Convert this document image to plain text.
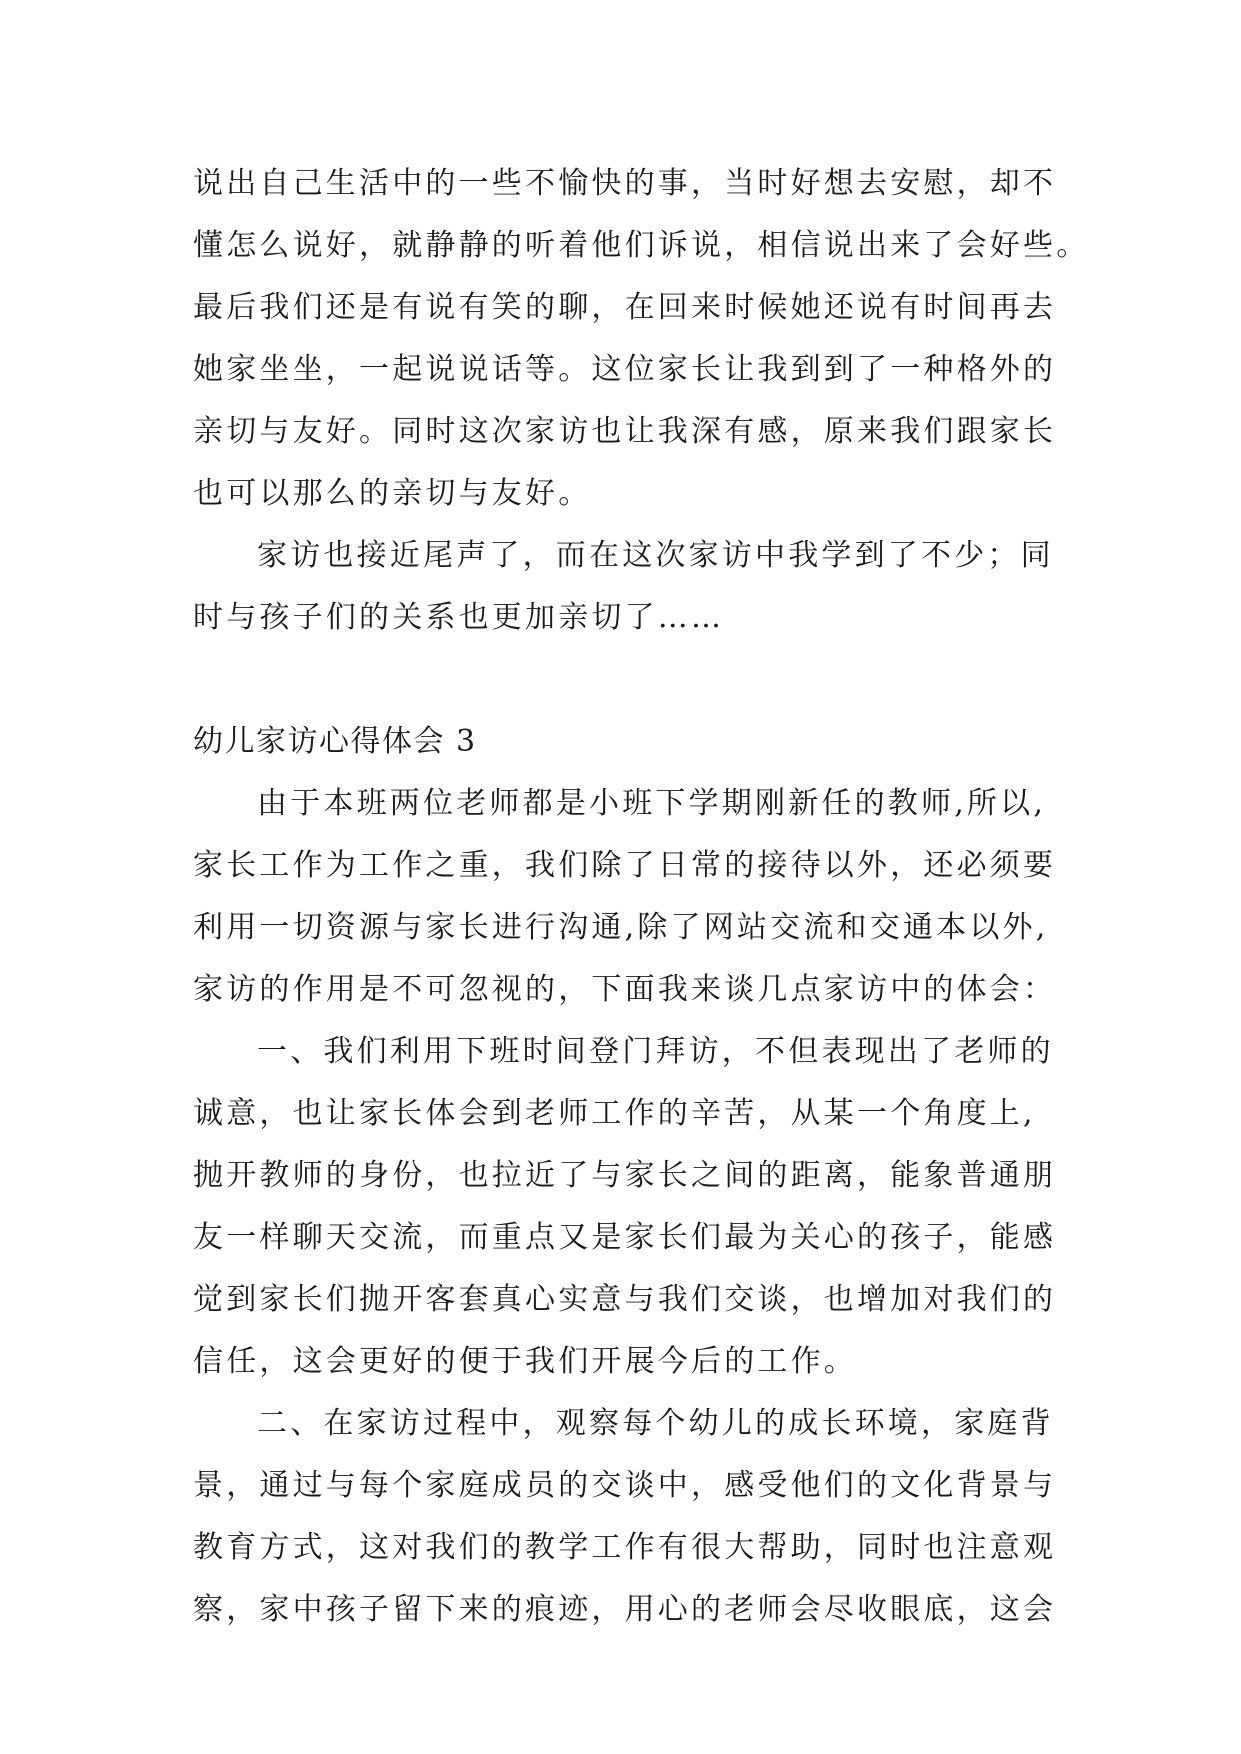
说出自己生活中的一些不愉快的事，当时好想去安慰，却不
懂怎么说好，就静静的听着他们诉说，相信说出来了会好些。
最后我们还是有说有笑的聊，在回来时候她还说有时间再去
她家坐坐，一起说说话等。这位家长让我到到了一种格外的
亲切与友好。同时这次家访也让我深有感，原来我们跟家长
也可以那么的亲切与友好。
家访也接近尾声了，而在这次家访中我学到了不少；同
时与孩子们的关系也更加亲切了……
幼儿家访心得体会 3
由于本班两位老师都是小班下学期刚新任的教师,所以,
家长工作为工作之重，我们除了日常的接待以外，还必须要
利用一切资源与家长进行沟通,除了网站交流和交通本以外,
家访的作用是不可忽视的，下面我来谈几点家访中的体会：
一、我们利用下班时间登门拜访，不但表现出了老师的
诚意，也让家长体会到老师工作的辛苦，从某一个角度上,
抛开教师的身份，也拉近了与家长之间的距离，能象普通朋
友一样聊天交流，而重点又是家长们最为关心的孩子，能感
觉到家长们抛开客套真心实意与我们交谈，也增加对我们的
信任，这会更好的便于我们开展今后的工作。
二、在家访过程中，观察每个幼儿的成长环境，家庭背
景，通过与每个家庭成员的交谈中，感受他们的文化背景与
教育方式，这对我们的教学工作有很大帮助，同时也注意观
察，家中孩子留下来的痕迹，用心的老师会尽收眼底，这会
